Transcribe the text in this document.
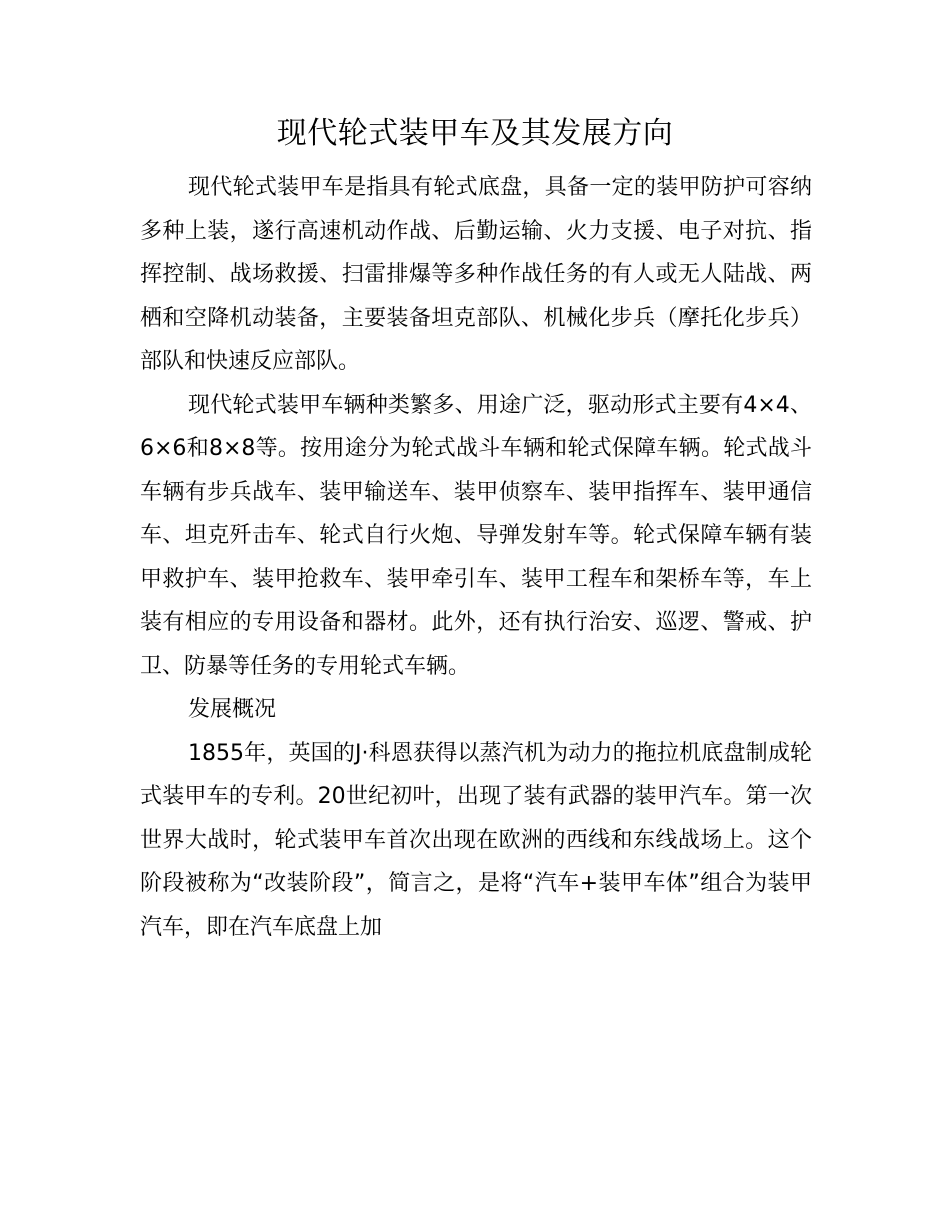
现代轮式装甲车及其发展方向

现代轮式装甲车是指具有轮式底盘，具备一定的装甲防护可容纳多种上装，遂行高速机动作战、后勤运输、火力支援、电子对抗、指挥控制、战场救援、扫雷排爆等多种作战任务的有人或无人陆战、两栖和空降机动装备，主要装备坦克部队、机械化步兵（摩托化步兵）部队和快速反应部队。

现代轮式装甲车辆种类繁多、用途广泛，驱动形式主要有4×4、6×6和8×8等。按用途分为轮式战斗车辆和轮式保障车辆。轮式战斗车辆有步兵战车、装甲输送车、装甲侦察车、装甲指挥车、装甲通信车、坦克歼击车、轮式自行火炮、导弹发射车等。轮式保障车辆有装甲救护车、装甲抢救车、装甲牵引车、装甲工程车和架桥车等，车上装有相应的专用设备和器材。此外，还有执行治安、巡逻、警戒、护卫、防暴等任务的专用轮式车辆。

发展概况

1855年，英国的J·科恩获得以蒸汽机为动力的拖拉机底盘制成轮式装甲车的专利。20世纪初叶，出现了装有武器的装甲汽车。第一次世界大战时，轮式装甲车首次出现在欧洲的西线和东线战场上。这个阶段被称为“改装阶段”，简言之，是将“汽车+装甲车体”组合为装甲汽车，即在汽车底盘上加
